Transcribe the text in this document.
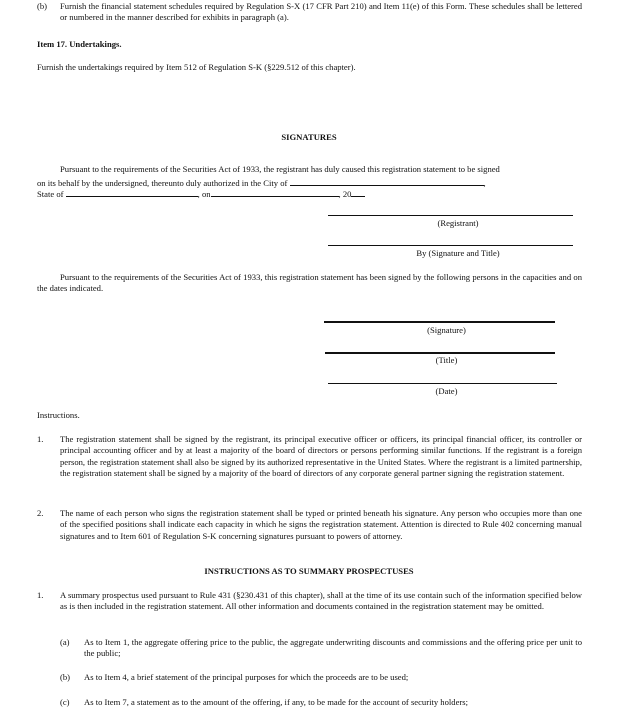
(b) Furnish the financial statement schedules required by Regulation S-X (17 CFR Part 210) and Item 11(e) of this Form. These schedules shall be lettered or numbered in the manner described for exhibits in paragraph (a).
Item 17. Undertakings.
Furnish the undertakings required by Item 512 of Regulation S-K (§229.512 of this chapter).
SIGNATURES
Pursuant to the requirements of the Securities Act of 1933, the registrant has duly caused this registration statement to be signed
on its behalf by the undersigned, thereunto duly authorized in the City of	,
State of	, on	, 20
(Registrant)
By (Signature and Title)
Pursuant to the requirements of the Securities Act of 1933, this registration statement has been signed by the following persons in the capacities and on the dates indicated.
(Signature)
(Title)
(Date)
Instructions.
1. The registration statement shall be signed by the registrant, its principal executive officer or officers, its principal financial officer, its controller or principal accounting officer and by at least a majority of the board of directors or persons performing similar functions. If the registrant is a foreign person, the registration statement shall also be signed by its authorized representative in the United States. Where the registrant is a limited partnership, the registration statement shall be signed by a majority of the board of directors of any corporate general partner signing the registration statement.
2. The name of each person who signs the registration statement shall be typed or printed beneath his signature. Any person who occupies more than one of the specified positions shall indicate each capacity in which he signs the registration statement. Attention is directed to Rule 402 concerning manual signatures and to Item 601 of Regulation S-K concerning signatures pursuant to powers of attorney.
INSTRUCTIONS AS TO SUMMARY PROSPECTUSES
1. A summary prospectus used pursuant to Rule 431 (§230.431 of this chapter), shall at the time of its use contain such of the information specified below as is then included in the registration statement. All other information and documents contained in the registration statement may be omitted.
(a) As to Item 1, the aggregate offering price to the public, the aggregate underwriting discounts and commissions and the offering price per unit to the public;
(b) As to Item 4, a brief statement of the principal purposes for which the proceeds are to be used;
(c) As to Item 7, a statement as to the amount of the offering, if any, to be made for the account of security holders;
